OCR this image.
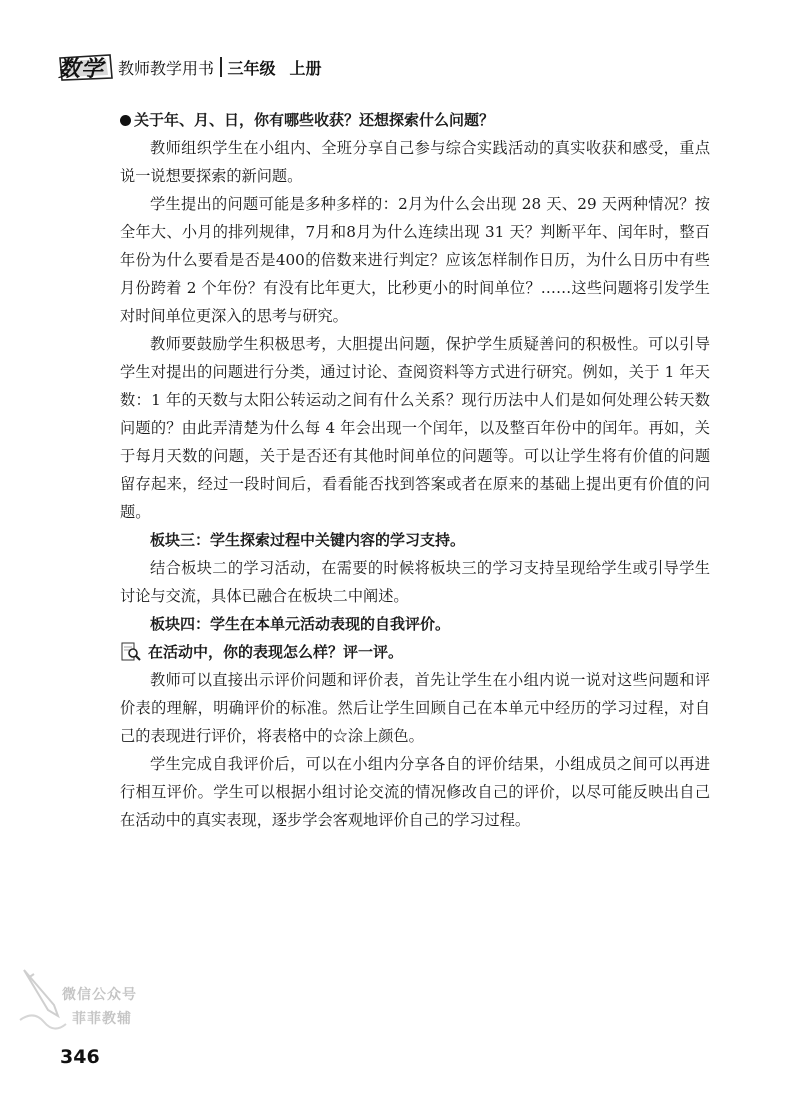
数学 教师教学用书 三年级 上册

关于年、月、日，你有哪些收获？还想探索什么问题？

教师组织学生在小组内、全班分享自己参与综合实践活动的真实收获和感受，重点说一说想要探索的新问题。

学生提出的问题可能是多种多样的：2月为什么会出现 28 天、29 天两种情况？按全年大、小月的排列规律，7月和8月为什么连续出现 31 天？判断平年、闰年时，整百年份为什么要看是否是400的倍数来进行判定？应该怎样制作日历，为什么日历中有些月份跨着 2 个年份？有没有比年更大，比秒更小的时间单位？……这些问题将引发学生对时间单位更深入的思考与研究。

教师要鼓励学生积极思考，大胆提出问题，保护学生质疑善问的积极性。可以引导学生对提出的问题进行分类，通过讨论、查阅资料等方式进行研究。例如，关于 1 年天数：1 年的天数与太阳公转运动之间有什么关系？现行历法中人们是如何处理公转天数问题的？由此弄清楚为什么每 4 年会出现一个闰年，以及整百年份中的闰年。再如，关于每月天数的问题，关于是否还有其他时间单位的问题等。可以让学生将有价值的问题留存起来，经过一段时间后，看看能否找到答案或者在原来的基础上提出更有价值的问题。

板块三：学生探索过程中关键内容的学习支持。

结合板块二的学习活动，在需要的时候将板块三的学习支持呈现给学生或引导学生讨论与交流，具体已融合在板块二中阐述。

板块四：学生在本单元活动表现的自我评价。

在活动中，你的表现怎么样？评一评。

教师可以直接出示评价问题和评价表，首先让学生在小组内说一说对这些问题和评价表的理解，明确评价的标准。然后让学生回顾自己在本单元中经历的学习过程，对自己的表现进行评价，将表格中的☆涂上颜色。

学生完成自我评价后，可以在小组内分享各自的评价结果，小组成员之间可以再进行相互评价。学生可以根据小组讨论交流的情况修改自己的评价，以尽可能反映出自己在活动中的真实表现，逐步学会客观地评价自己的学习过程。

微信公众号
菲菲教辅
346
